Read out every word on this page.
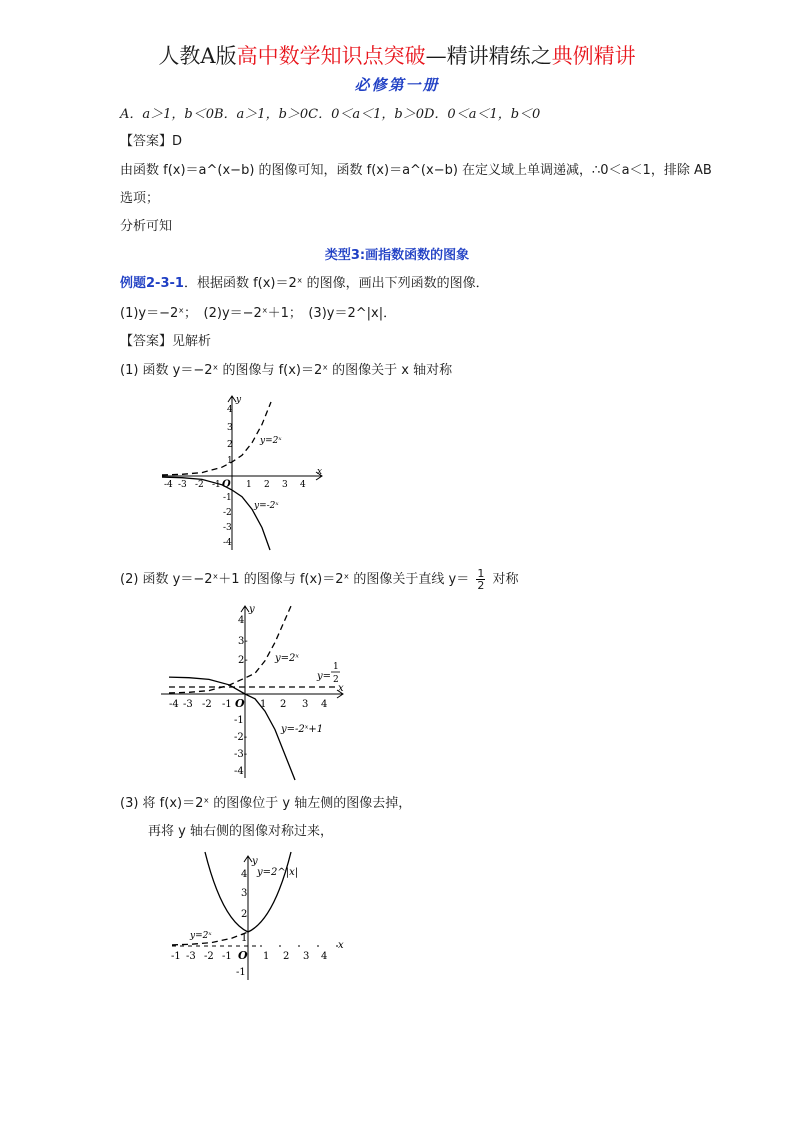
人教A版高中数学知识点突破—精讲精练之典例精讲
必修第一册
A．a＞1，b＜0B．a＞1，b＞0C．0＜a＜1，b＞0D．0＜a＜1，b＜0
【答案】D
由函数 f(x)＝a^(x−b) 的图像可知，函数 f(x)＝a^(x−b) 在定义域上单调递减，∴0＜a＜1，排除 AB
选项；
分析可知
类型3:画指数函数的图象
例题2-3-1．根据函数 f(x)＝2ˣ 的图像，画出下列函数的图像．
(1)y＝−2ˣ；　(2)y＝−2ˣ＋1；　(3)y＝2^|x|．
【答案】见解析
(1) 函数 y＝−2ˣ 的图像与 f(x)＝2ˣ 的图像关于 x 轴对称
x
y
O 1 2 3 4
-4 -3 -2 -1
1
2
3
4
-1
-2
-3
-4
y=2ˣ
y=-2ˣ
(2) 函数 y＝−2ˣ＋1 的图像与 f(x)＝2ˣ 的图像关于直线 $y= \frac{1}{2}$ 对称
x
y
O 1 2 3 4
-4 -3 -2 -1
2-
3-
4
-1
-2-
-3-
-4
y=2ˣ
y=-2ˣ+1
y=
1
2
(3) 将 f(x)＝2ˣ 的图像位于 y 轴左侧的图像去掉，
再将 y 轴右侧的图像对称过来，
x
y
O 1 2 3 4
-1 -3 -2 -1
1
2
3
4
-1
y=2^|x|
y=2ˣ
